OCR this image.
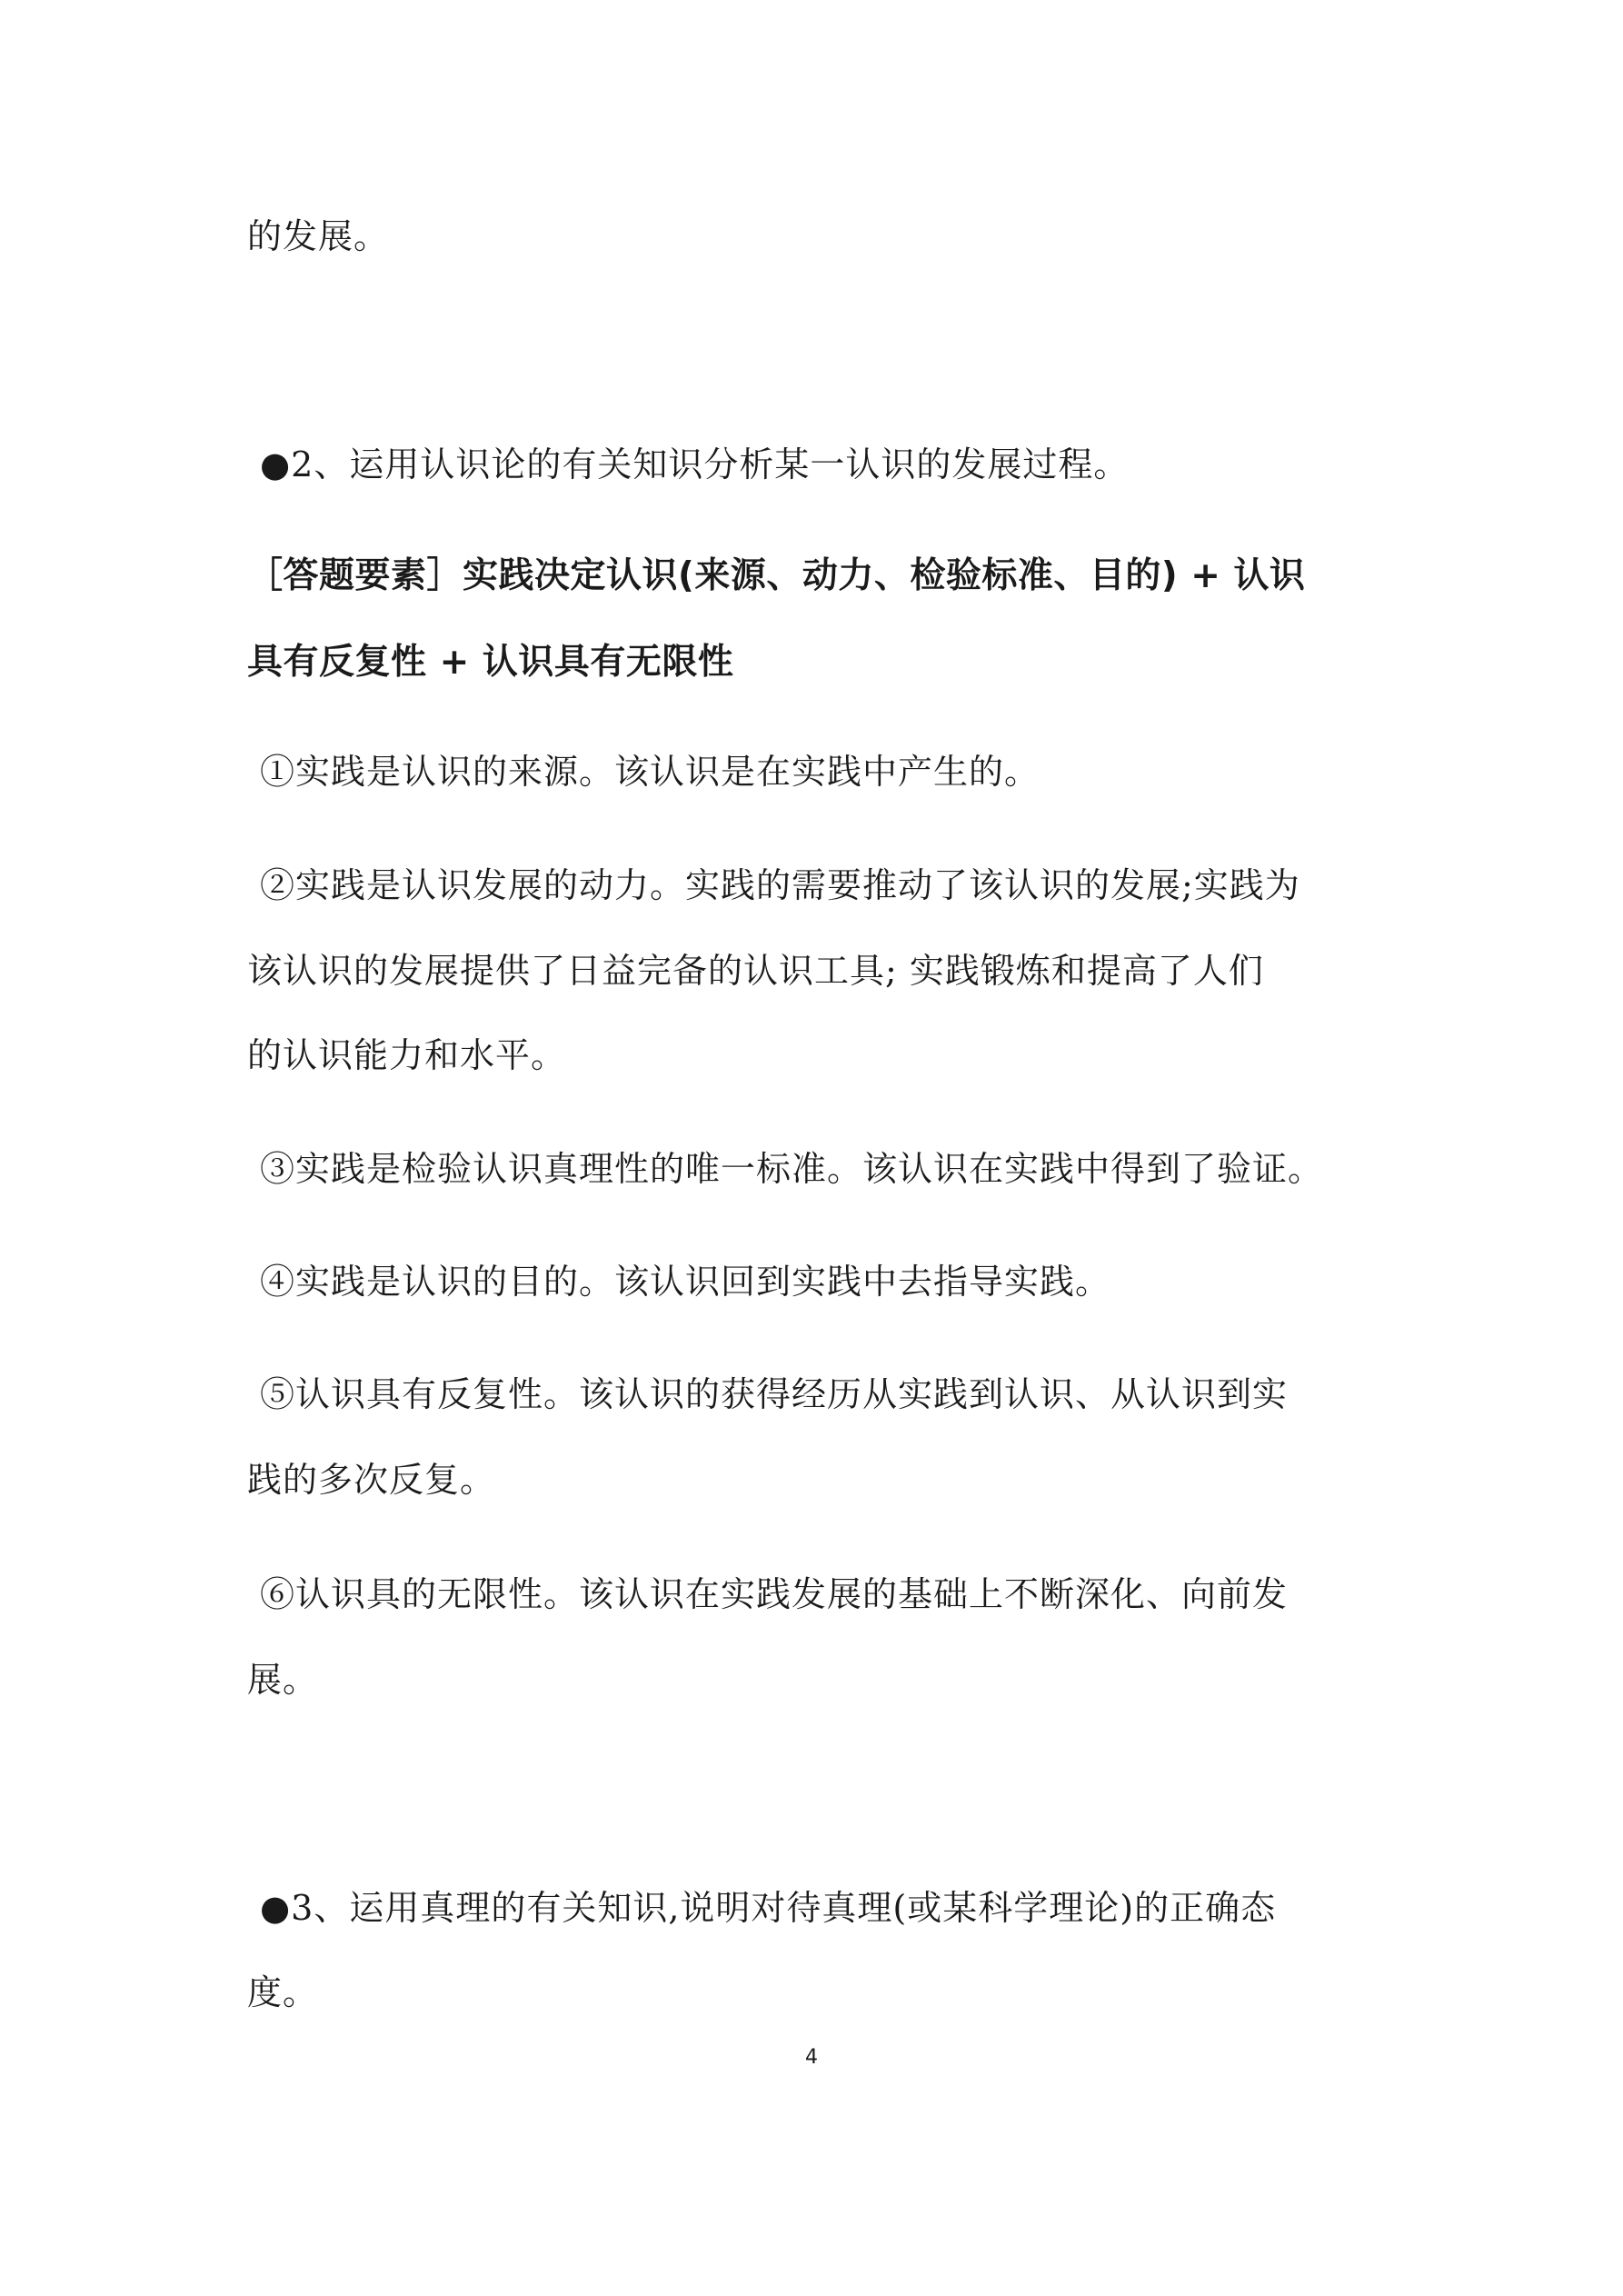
的发展。
●2、运用认识论的有关知识分析某一认识的发展过程。
［答题要素］实践决定认识(来源、动力、检验标准、目的) + 认识
具有反复性 + 认识具有无限性
①实践是认识的来源。该认识是在实践中产生的。
②实践是认识发展的动力。实践的需要推动了该认识的发展;实践为
该认识的发展提供了日益完备的认识工具; 实践锻炼和提高了人们
的认识能力和水平。
③实践是检验认识真理性的唯一标准。该认识在实践中得到了验证。
④实践是认识的目的。该认识回到实践中去指导实践。
⑤认识具有反复性。该认识的获得经历从实践到认识、从认识到实
践的多次反复。
⑥认识具的无限性。该认识在实践发展的基础上不断深化、向前发
展。
●3、运用真理的有关知识,说明对待真理(或某科学理论)的正确态
度。
4
